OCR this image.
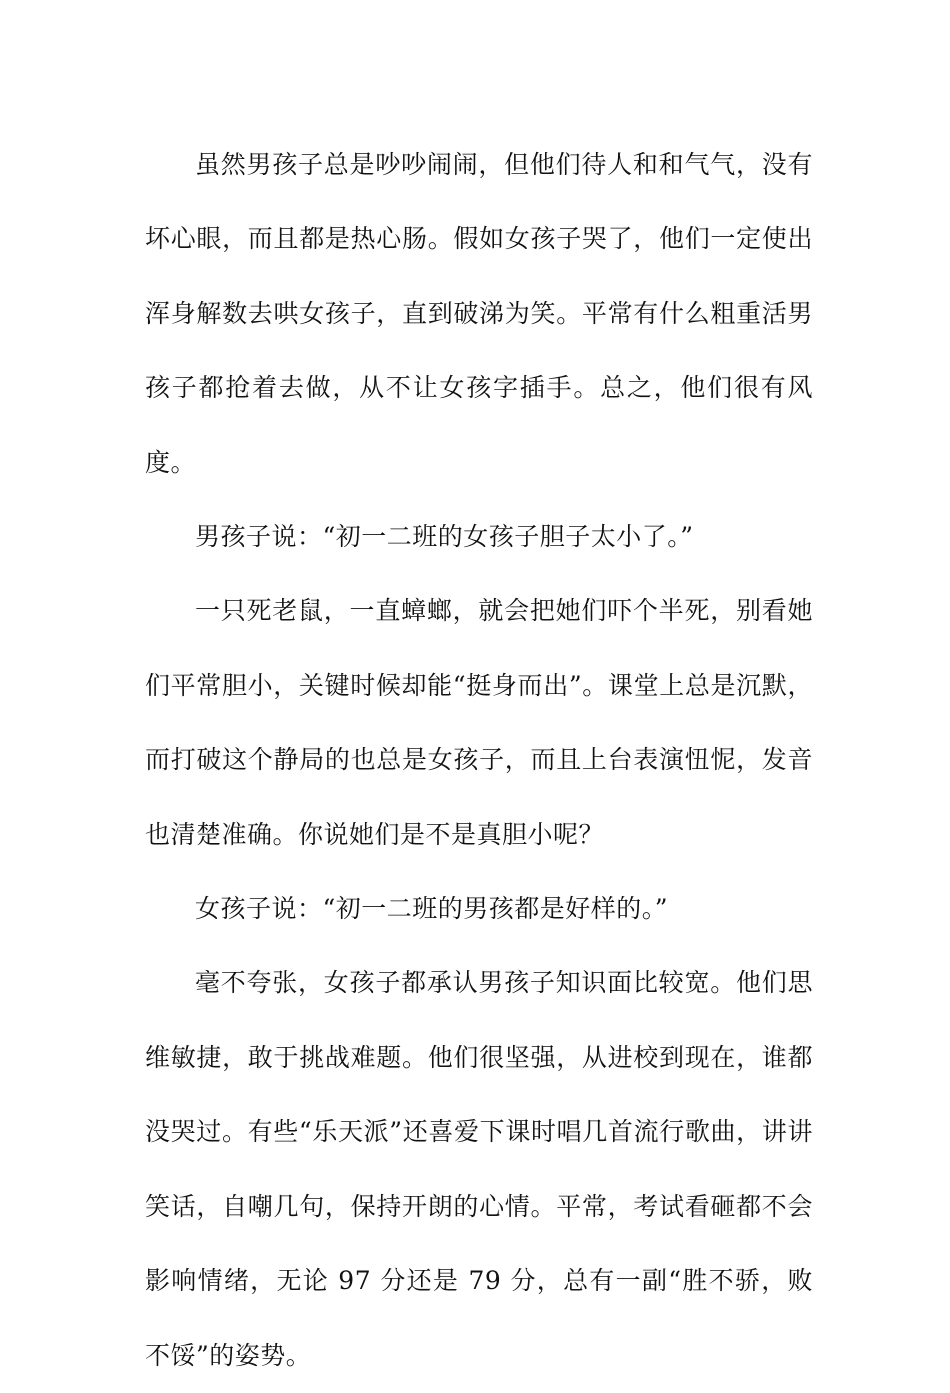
虽然男孩子总是吵吵闹闹，但他们待人和和气气，没有坏心眼，而且都是热心肠。假如女孩子哭了，他们一定使出浑身解数去哄女孩子，直到破涕为笑。平常有什么粗重活男孩子都抢着去做，从不让女孩字插手。总之，他们很有风度。

男孩子说：“初一二班的女孩子胆子太小了。”

一只死老鼠，一直蟑螂，就会把她们吓个半死，别看她们平常胆小，关键时候却能“挺身而出”。课堂上总是沉默，而打破这个静局的也总是女孩子，而且上台表演忸怩，发音也清楚准确。你说她们是不是真胆小呢？

女孩子说：“初一二班的男孩都是好样的。”

毫不夸张，女孩子都承认男孩子知识面比较宽。他们思维敏捷，敢于挑战难题。他们很坚强，从进校到现在，谁都没哭过。有些“乐天派”还喜爱下课时唱几首流行歌曲，讲讲笑话，自嘲几句，保持开朗的心情。平常，考试看砸都不会影响情绪，无论 97 分还是 79 分，总有一副“胜不骄，败不馁”的姿势。
